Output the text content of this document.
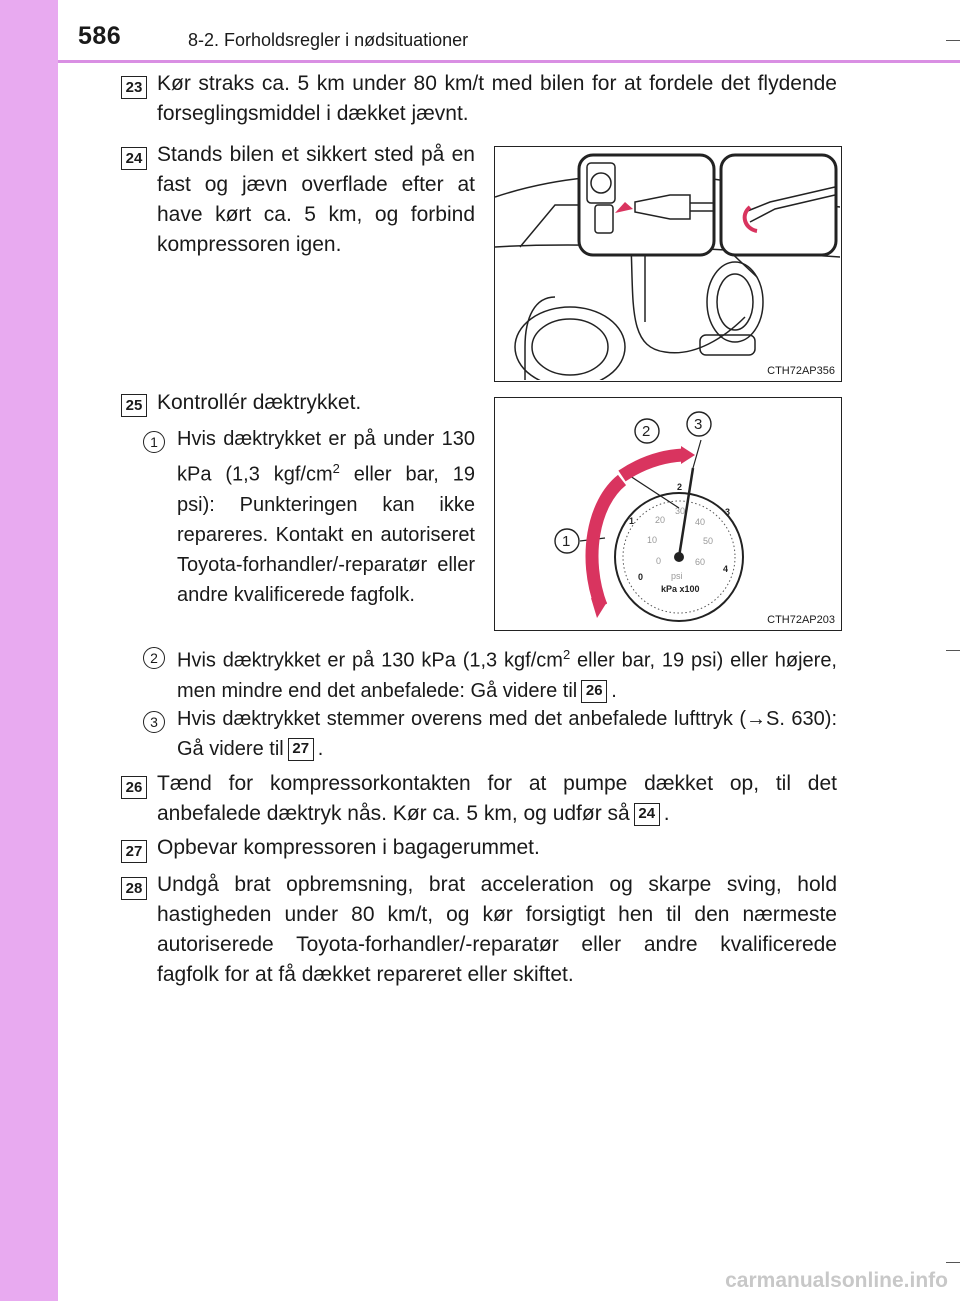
586	8-2. Forholdsregler i nødsituationer
23 Kør straks ca. 5 km under 80 km/t med bilen for at fordele det flydende forseglingsmiddel i dækket jævnt.
24 Stands bilen et sikkert sted på en fast og jævn overflade efter at have kørt ca. 5 km, og forbind kompressoren igen.
CTH72AP356
25 Kontrollér dæktrykket.
1 Hvis dæktrykket er på under 130 kPa (1,3 kgf/$cm^2$ eller bar, 19 psi): Punkteringen kan ikke repareres. Kontakt en autoriseret Toyota-forhandler/-reparatør eller andre kvalificerede fagfolk.
0
1
2
3
4
0
10
20
30
40
50
60
psi
kPa x100
1
2	3
CTH72AP203
2 Hvis dæktrykket er på 130 kPa (1,3 kgf/$cm^2$ eller bar, 19 psi) eller højere, men mindre end det anbefalede: Gå videre til 26 .
3 Hvis dæktrykket stemmer overens med det anbefalede lufttryk (→S. 630): Gå videre til 27 .
26 Tænd for kompressorkontakten for at pumpe dækket op, til det anbefalede dæktryk nås. Kør ca. 5 km, og udfør så 24 .
27 Opbevar kompressoren i bagagerummet.
28 Undgå brat opbremsning, brat acceleration og skarpe sving, hold hastigheden under 80 km/t, og kør forsigtigt hen til den nærmeste autoriserede Toyota-forhandler/-reparatør eller andre kvalificerede fagfolk for at få dækket repareret eller skiftet.
carmanualsonline.info
